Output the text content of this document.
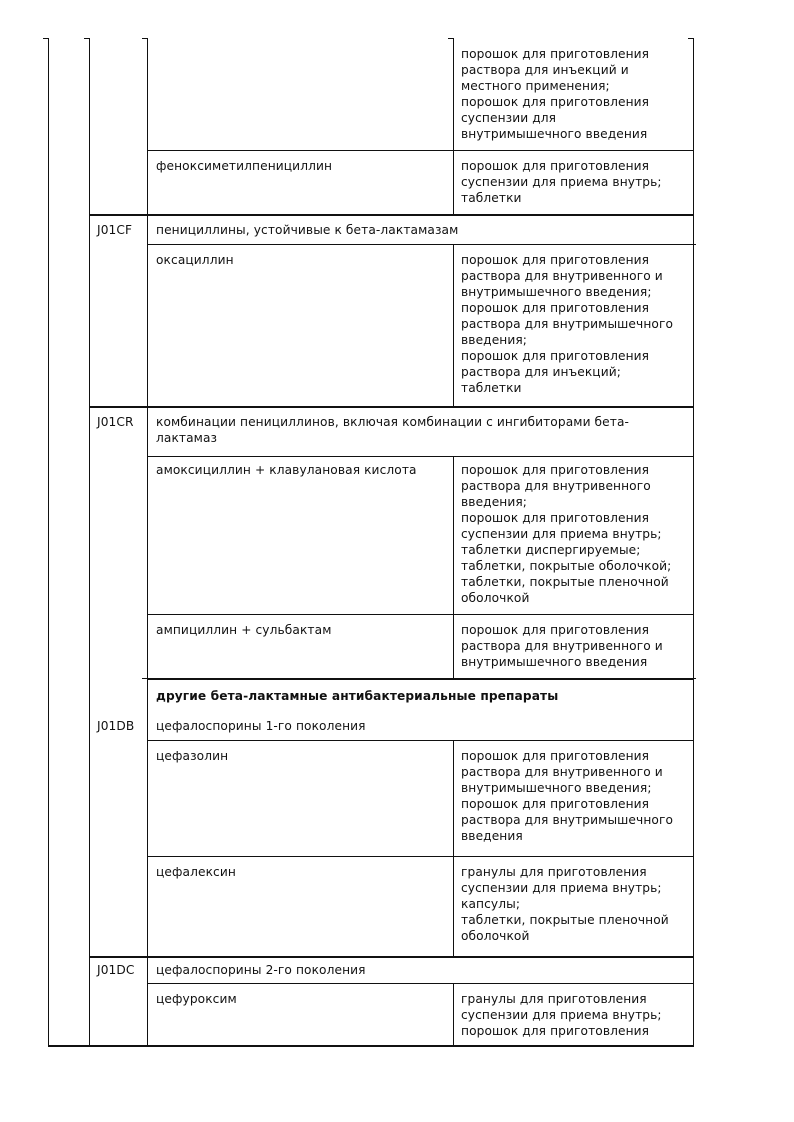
порошок для приготовления
раствора для инъекций и
местного применения;
порошок для приготовления
суспензии для
внутримышечного введения
феноксиметилпенициллин	порошок для приготовления
суспензии для приема внутрь;
таблетки
J01CF пенициллины, устойчивые к бета-лактамазам
оксациллин	порошок для приготовления
раствора для внутривенного и
внутримышечного введения;
порошок для приготовления
раствора для внутримышечного
введения;
порошок для приготовления
раствора для инъекций;
таблетки
J01CR комбинации пенициллинов, включая комбинации с ингибиторами бета-
лактамаз
амоксициллин + клавулановая кислота	порошок для приготовления
раствора для внутривенного
введения;
порошок для приготовления
суспензии для приема внутрь;
таблетки диспергируемые;
таблетки, покрытые оболочкой;
таблетки, покрытые пленочной
оболочкой
ампициллин + сульбактам	порошок для приготовления
раствора для внутривенного и
внутримышечного введения
другие бета-лактамные антибактериальные препараты
J01DB цефалоспорины 1-го поколения
цефазолин	порошок для приготовления
раствора для внутривенного и
внутримышечного введения;
порошок для приготовления
раствора для внутримышечного
введения
цефалексин	гранулы для приготовления
суспензии для приема внутрь;
капсулы;
таблетки, покрытые пленочной
оболочкой
J01DC цефалоспорины 2-го поколения
цефуроксим	гранулы для приготовления
суспензии для приема внутрь;
порошок для приготовления
